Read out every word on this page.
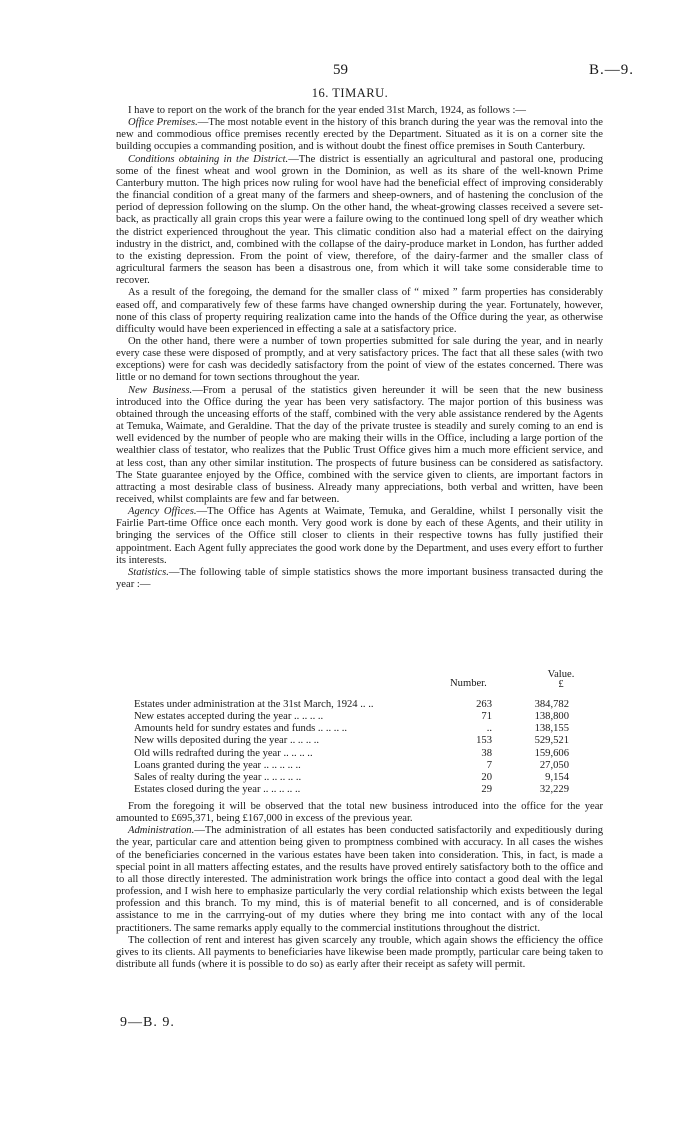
59	B.—9.
16. TIMARU.

I have to report on the work of the branch for the year ended 31st March, 1924, as follows :—

Office Premises.—The most notable event in the history of this branch during the year was the removal into the new and commodious office premises recently erected by the Department. Situated as it is on a corner site the building occupies a commanding position, and is without doubt the finest office premises in South Canterbury.

Conditions obtaining in the District.—The district is essentially an agricultural and pastoral one, producing some of the finest wheat and wool grown in the Dominion, as well as its share of the well-known Prime Canterbury mutton. The high prices now ruling for wool have had the beneficial effect of improving considerably the financial condition of a great many of the farmers and sheep-owners, and of hastening the conclusion of the period of depression following on the slump. On the other hand, the wheat-growing classes received a severe set-back, as practically all grain crops this year were a failure owing to the continued long spell of dry weather which the district experienced throughout the year. This climatic condition also had a material effect on the dairying industry in the district, and, combined with the collapse of the dairy-produce market in London, has further added to the existing depression. From the point of view, therefore, of the dairy-farmer and the smaller class of agricultural farmers the season has been a disastrous one, from which it will take some considerable time to recover.

As a result of the foregoing, the demand for the smaller class of “ mixed ” farm properties has considerably eased off, and comparatively few of these farms have changed ownership during the year. Fortunately, however, none of this class of property requiring realization came into the hands of the Office during the year, as otherwise difficulty would have been experienced in effecting a sale at a satisfactory price.

On the other hand, there were a number of town properties submitted for sale during the year, and in nearly every case these were disposed of promptly, and at very satisfactory prices. The fact that all these sales (with two exceptions) were for cash was decidedly satisfactory from the point of view of the estates concerned. There was little or no demand for town sections throughout the year.

New Business.—From a perusal of the statistics given hereunder it will be seen that the new business introduced into the Office during the year has been very satisfactory. The major portion of this business was obtained through the unceasing efforts of the staff, combined with the very able assistance rendered by the Agents at Temuka, Waimate, and Geraldine. That the day of the private trustee is steadily and surely coming to an end is well evidenced by the number of people who are making their wills in the Office, including a large portion of the wealthier class of testator, who realizes that the Public Trust Office gives him a much more efficient service, and at less cost, than any other similar institution. The prospects of future business can be considered as satisfactory. The State guarantee enjoyed by the Office, combined with the service given to clients, are important factors in attracting a most desirable class of business. Already many appreciations, both verbal and written, have been received, whilst complaints are few and far between.

Agency Offices.—The Office has Agents at Waimate, Temuka, and Geraldine, whilst I personally visit the Fairlie Part-time Office once each month. Very good work is done by each of these Agents, and their utility in bringing the services of the Office still closer to clients in their respective towns has fully justified their appointment. Each Agent fully appreciates the good work done by the Department, and uses every effort to further its interests.

Statistics.—The following table of simple statistics shows the more important business transacted during the year :—

Number.
Value.
£
Estates under administration at the 31st March, 1924 .. ..	263	384,782
New estates accepted during the year .. .. .. ..	71	138,800
Amounts held for sundry estates and funds .. .. .. ..	..	138,155
New wills deposited during the year .. .. .. ..	153	529,521
Old wills redrafted during the year .. .. .. ..	38	159,606
Loans granted during the year .. .. .. .. ..	7	27,050
Sales of realty during the year .. .. .. .. ..	20	9,154
Estates closed during the year .. .. .. .. ..	29	32,229

From the foregoing it will be observed that the total new business introduced into the office for the year amounted to £695,371, being £167,000 in excess of the previous year.

Administration.—The administration of all estates has been conducted satisfactorily and expeditiously during the year, particular care and attention being given to promptness combined with accuracy. In all cases the wishes of the beneficiaries concerned in the various estates have been taken into consideration. This, in fact, is made a special point in all matters affecting estates, and the results have proved entirely satisfactory both to the office and to all those directly interested. The administration work brings the office into contact a good deal with the legal profession, and I wish here to emphasize particularly the very cordial relationship which exists between the legal profession and this branch. To my mind, this is of material benefit to all concerned, and is of considerable assistance to me in the carrrying-out of my duties where they bring me into contact with any of the local practitioners. The same remarks apply equally to the commercial institutions throughout the district.

The collection of rent and interest has given scarcely any trouble, which again shows the efficiency the office gives to its clients. All payments to beneficiaries have likewise been made promptly, particular care being taken to distribute all funds (where it is possible to do so) as early after their receipt as safety will permit.

9—B. 9.
